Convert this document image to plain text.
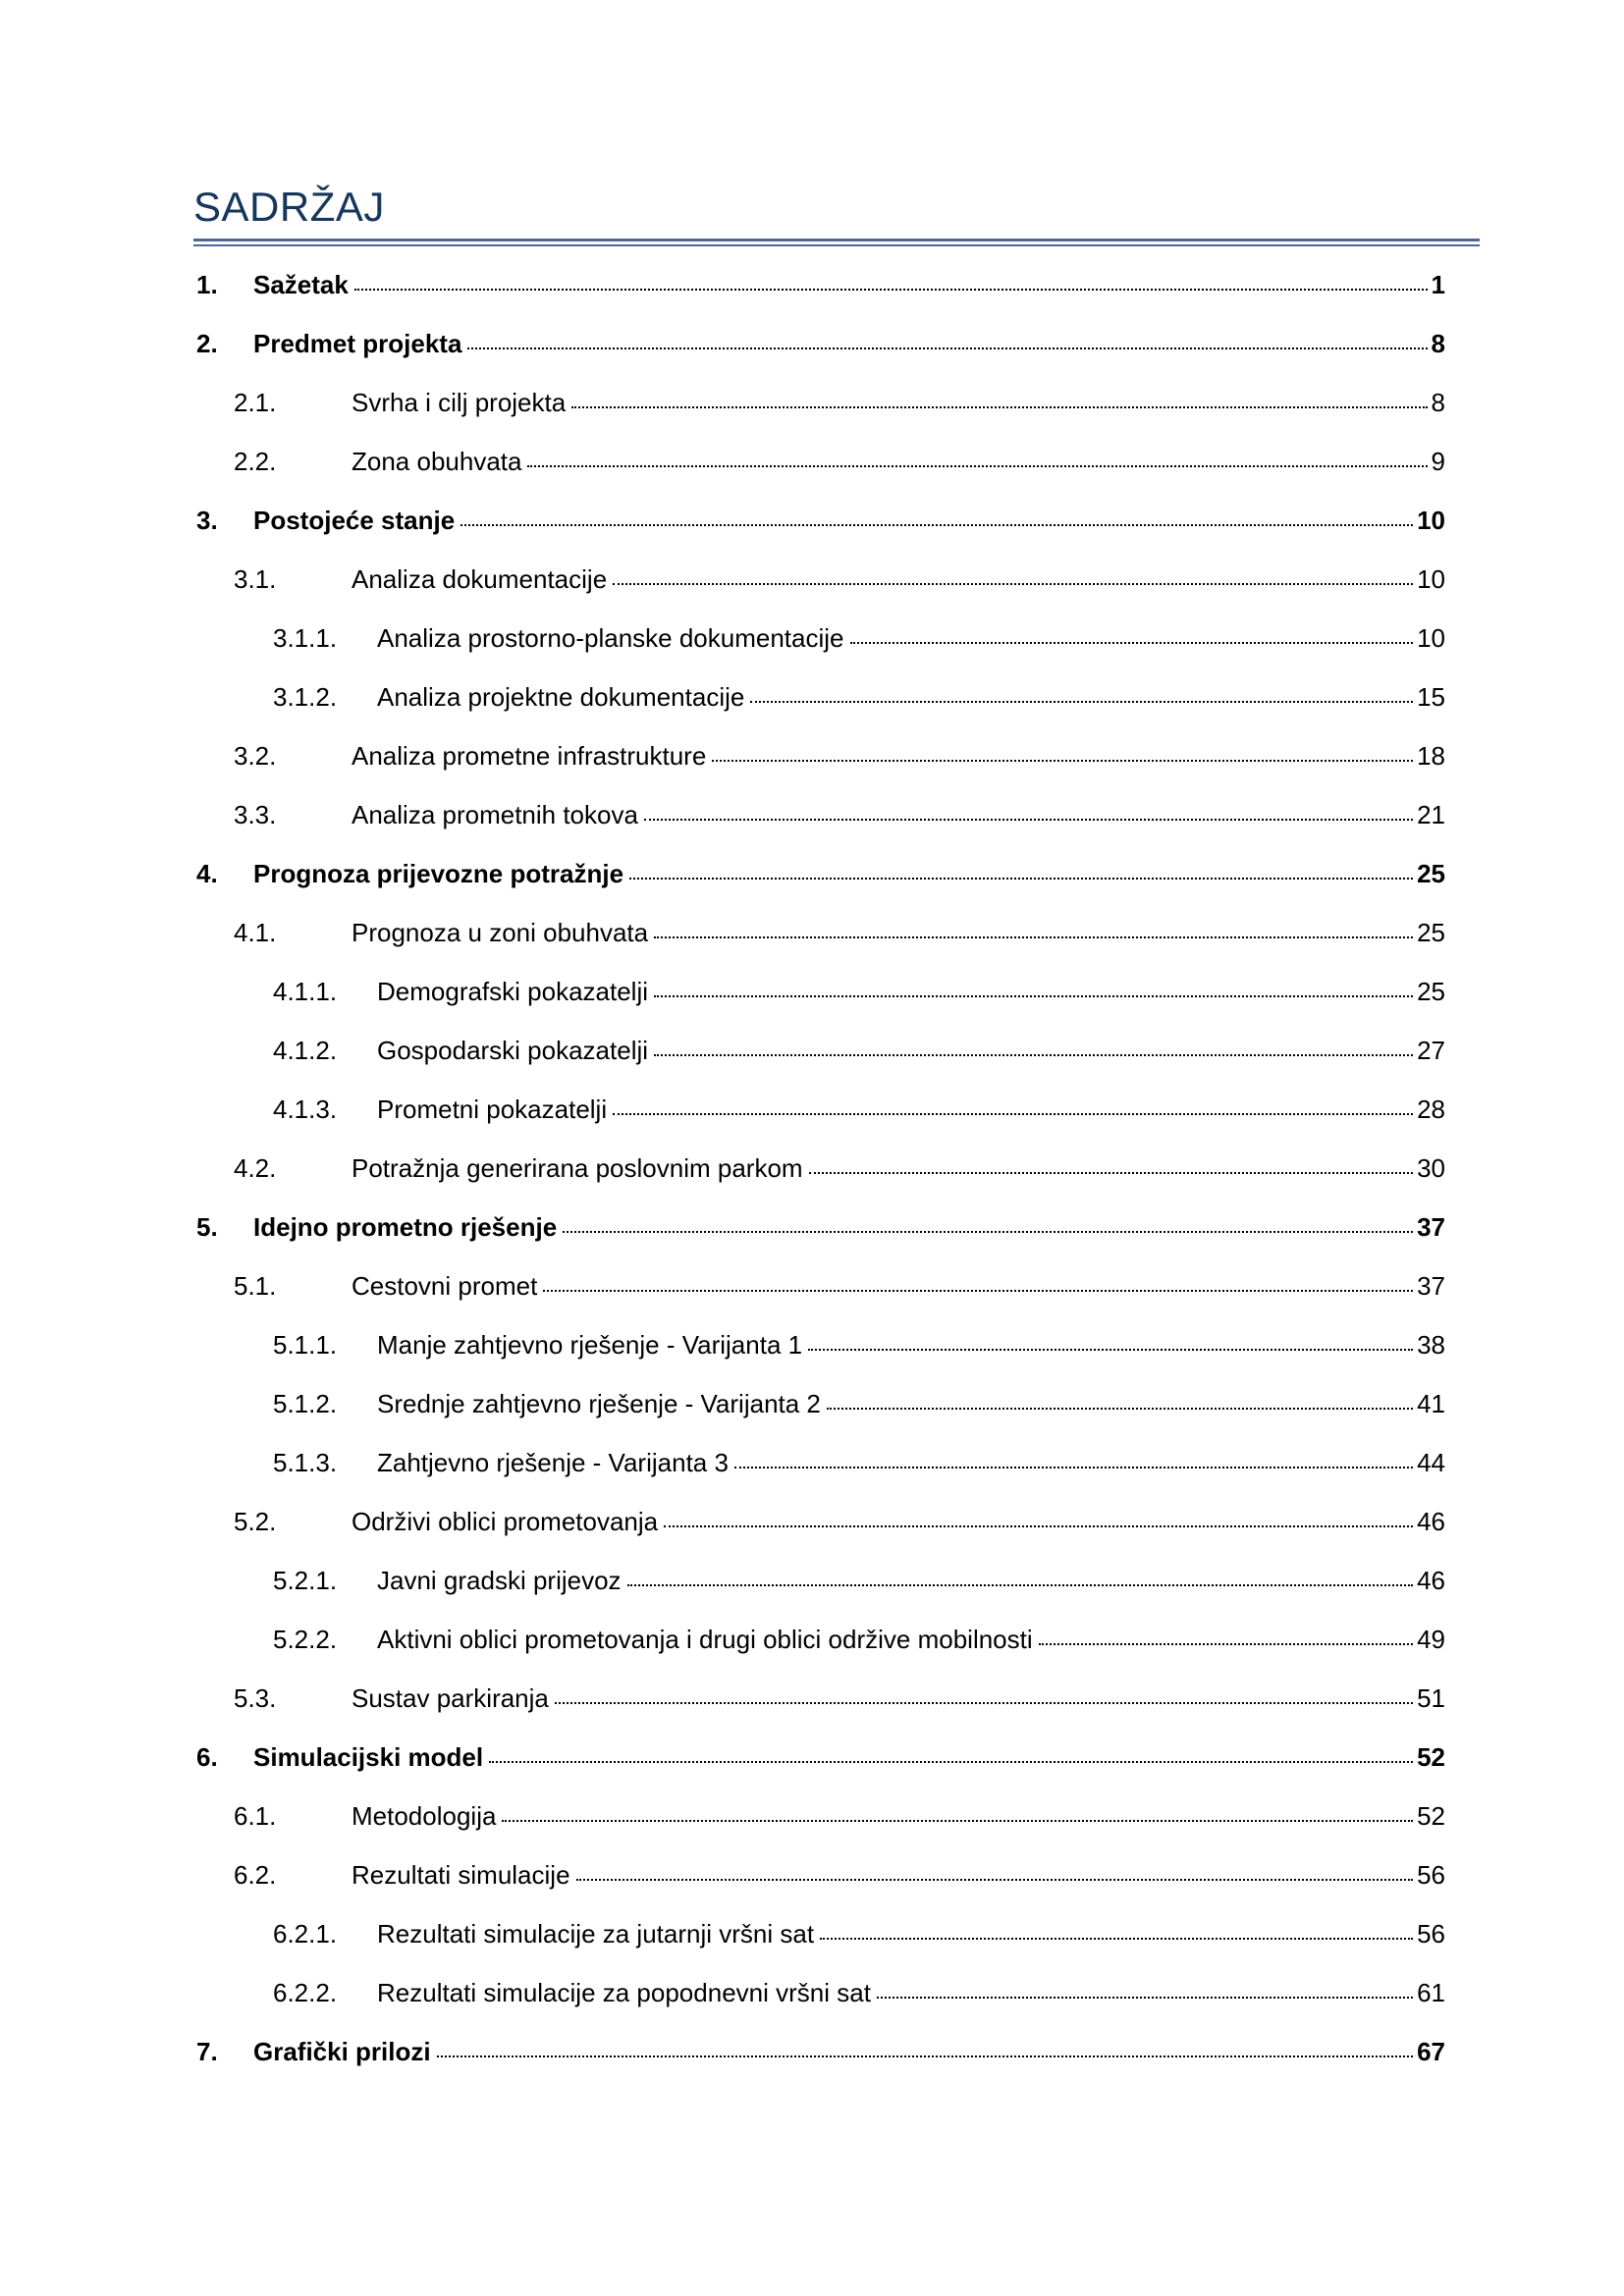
SADRŽAJ
1.	Sažetak	1
2.	Predmet projekta	8
2.1.	Svrha i cilj projekta	8
2.2.	Zona obuhvata	9
3.	Postojeće stanje	10
3.1.	Analiza dokumentacije	10
3.1.1.	Analiza prostorno-planske dokumentacije	10
3.1.2.	Analiza projektne dokumentacije	15
3.2.	Analiza prometne infrastrukture	18
3.3.	Analiza prometnih tokova	21
4.	Prognoza prijevozne potražnje	25
4.1.	Prognoza u zoni obuhvata	25
4.1.1.	Demografski pokazatelji	25
4.1.2.	Gospodarski pokazatelji	27
4.1.3.	Prometni pokazatelji	28
4.2.	Potražnja generirana poslovnim parkom	30
5.	Idejno prometno rješenje	37
5.1.	Cestovni promet	37
5.1.1.	Manje zahtjevno rješenje - Varijanta 1	38
5.1.2.	Srednje zahtjevno rješenje - Varijanta 2	41
5.1.3.	Zahtjevno rješenje - Varijanta 3	44
5.2.	Održivi oblici prometovanja	46
5.2.1.	Javni gradski prijevoz	46
5.2.2.	Aktivni oblici prometovanja i drugi oblici održive mobilnosti	49
5.3.	Sustav parkiranja	51
6.	Simulacijski model	52
6.1.	Metodologija	52
6.2.	Rezultati simulacije	56
6.2.1.	Rezultati simulacije za jutarnji vršni sat	56
6.2.2.	Rezultati simulacije za popodnevni vršni sat	61
7.	Grafički prilozi	67
